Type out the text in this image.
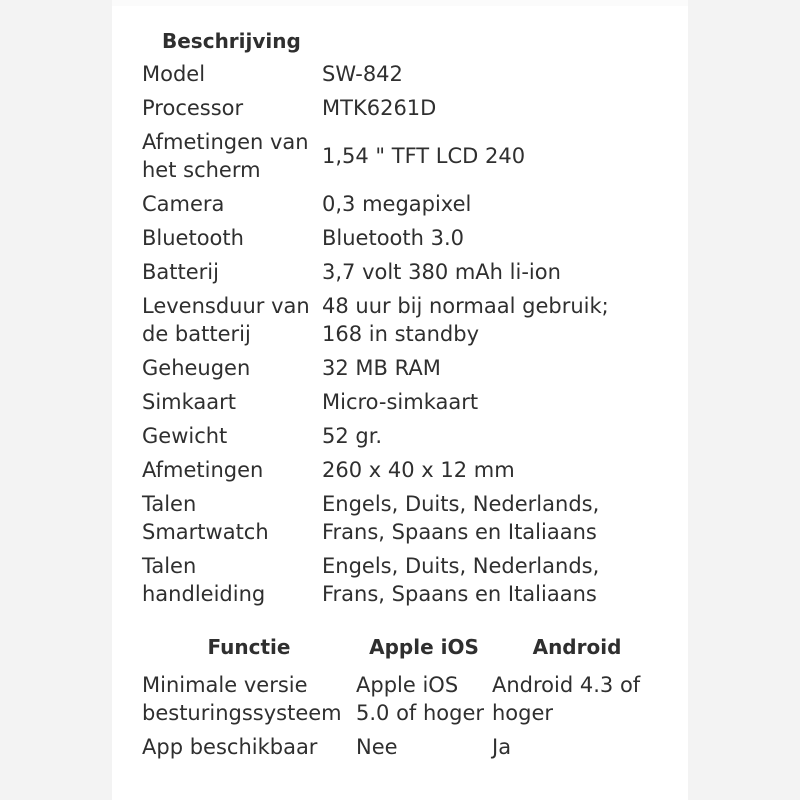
Beschrijving	
Model	SW-842
Processor	MTK6261D
Afmetingen van het scherm	1,54 " TFT LCD 240
Camera	0,3 megapixel
Bluetooth	Bluetooth 3.0
Batterij	3,7 volt 380 mAh li-ion
Levensduur van de batterij	48 uur bij normaal gebruik; 168 in standby
Geheugen	32 MB RAM
Simkaart	Micro-simkaart
Gewicht	52 gr.
Afmetingen	260 x 40 x 12 mm
Talen Smartwatch	Engels, Duits, Nederlands, Frans, Spaans en Italiaans
Talen handleiding	Engels, Duits, Nederlands, Frans, Spaans en Italiaans
Functie	Apple iOS	Android
Minimale versie besturingssysteem	Apple iOS 5.0 of hoger	Android 4.3 of hoger
App beschikbaar	Nee	Ja
